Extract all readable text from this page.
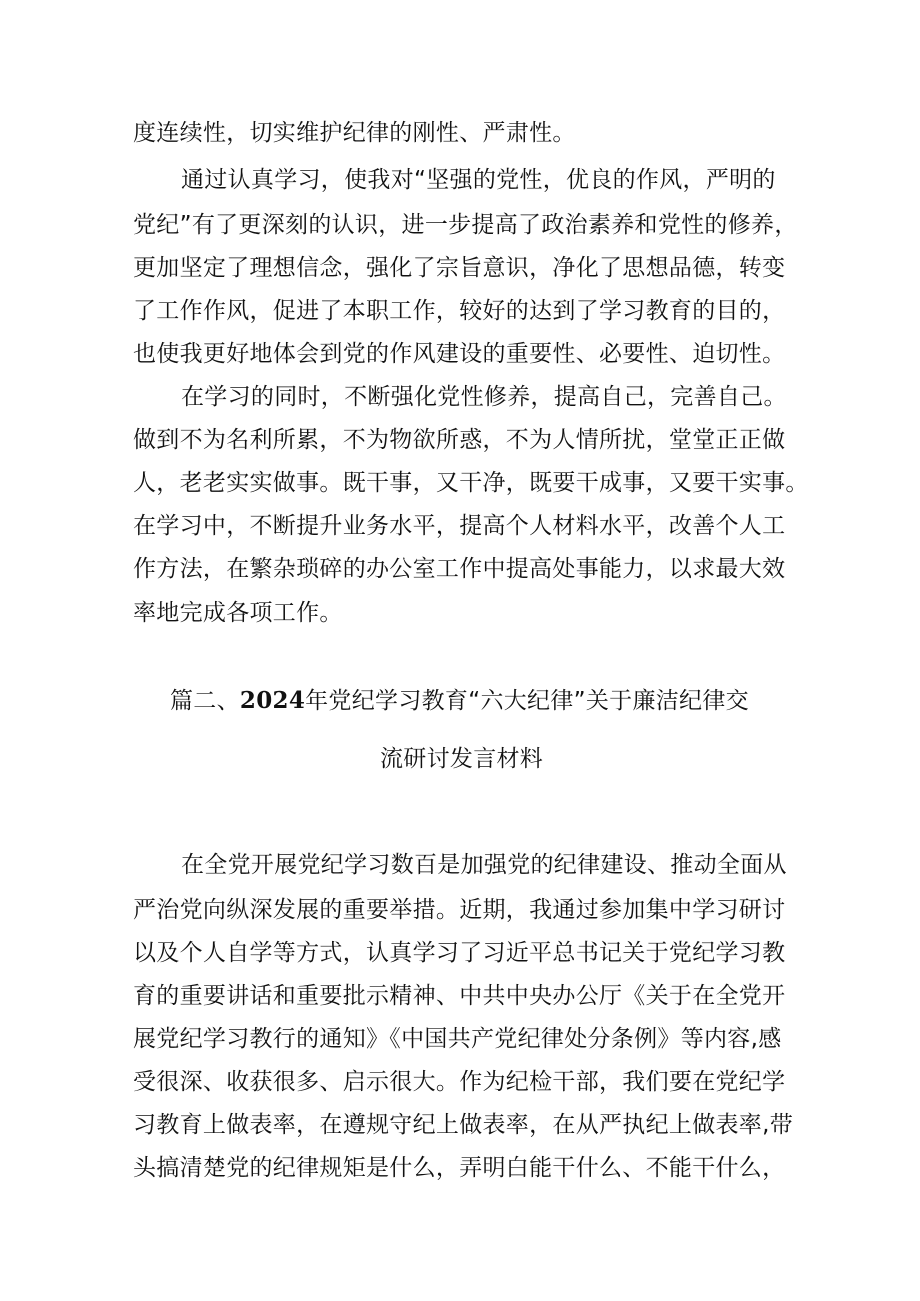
度连续性，切实维护纪律的刚性、严肃性。
通过认真学习，使我对“坚强的党性，优良的作风，严明的
党纪”有了更深刻的认识，进一步提高了政治素养和党性的修养，
更加坚定了理想信念，强化了宗旨意识，净化了思想品德，转变
了工作作风，促进了本职工作，较好的达到了学习教育的目的，
也使我更好地体会到党的作风建设的重要性、必要性、迫切性。
在学习的同时，不断强化党性修养，提高自己，完善自己。
做到不为名利所累，不为物欲所惑，不为人情所扰，堂堂正正做
人，老老实实做事。既干事，又干净，既要干成事，又要干实事。
在学习中，不断提升业务水平，提高个人材料水平，改善个人工
作方法，在繁杂琐碎的办公室工作中提高处事能力，以求最大效
率地完成各项工作。
篇二、2024年党纪学习教育“六大纪律”关于廉洁纪律交
流研讨发言材料
在全党开展党纪学习数百是加强党的纪律建设、推动全面从
严治党向纵深发展的重要举措。近期，我通过参加集中学习研讨
以及个人自学等方式，认真学习了习近平总书记关于党纪学习教
育的重要讲话和重要批示精神、中共中央办公厅《关于在全党开
展党纪学习教行的通知》《中国共产党纪律处分条例》等内容,感
受很深、收获很多、启示很大。作为纪检干部，我们要在党纪学
习教育上做表率，在遵规守纪上做表率，在从严执纪上做表率,带
头搞清楚党的纪律规矩是什么，弄明白能干什么、不能干什么，
